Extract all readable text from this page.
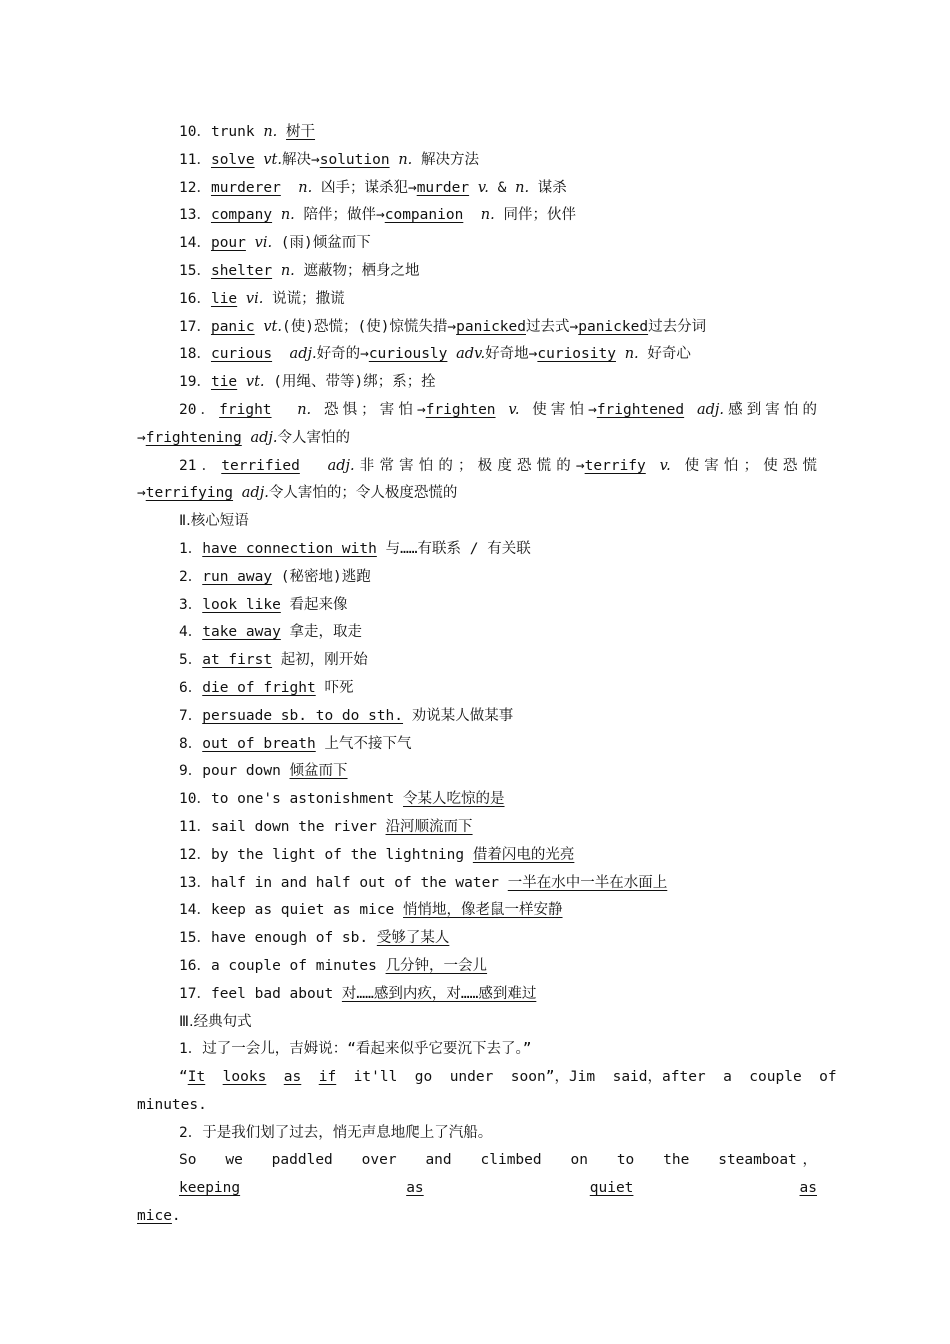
10．trunk n. 树干

11．solve vt.解决→solution n. 解决方法

12．murderer n. 凶手；谋杀犯→murder v. & n. 谋杀

13．company n. 陪伴；做伴→companion n. 同伴；伙伴

14．pour vi. (雨)倾盆而下

15．shelter n. 遮蔽物；栖身之地

16．lie vi. 说谎；撒谎

17．panic vt.(使)恐慌；(使)惊慌失措→panicked过去式→panicked过去分词

18．curious adj.好奇的→curiously adv.好奇地→curiosity n. 好奇心

19．tie vt. (用绳、带等)绑；系；拴

20．fright n. 恐惧；害怕→frighten v. 使害怕→frightened adj.感到害怕的

→frightening adj.令人害怕的

21．terrified adj.非常害怕的；极度恐慌的→terrify v. 使害怕；使恐慌

→terrifying adj.令人害怕的；令人极度恐慌的

Ⅱ.核心短语

1．have connection with 与……有联系 / 有关联

2．run away (秘密地)逃跑

3．look like 看起来像

4．take away 拿走，取走

5．at first 起初，刚开始

6．die of fright 吓死

7．persuade sb. to do sth. 劝说某人做某事

8．out of breath 上气不接下气

9．pour down 倾盆而下

10．to one's astonishment 令某人吃惊的是

11．sail down the river 沿河顺流而下

12．by the light of the lightning 借着闪电的光亮

13．half in and half out of the water 一半在水中一半在水面上

14．keep as quiet as mice 悄悄地，像老鼠一样安静

15．have enough of sb. 受够了某人

16．a couple of minutes 几分钟，一会儿

17．feel bad about 对……感到内疚，对……感到难过

Ⅲ.经典句式

1．过了一会儿，吉姆说：“看起来似乎它要沉下去了。”

“It looks as if  it'll  go  under  soon”，Jim  said，after  a  couple  of

minutes.

2．于是我们划了过去，悄无声息地爬上了汽船。

So  we  paddled  over  and  climbed  on  to  the  steamboat，keeping	as	quiet	as

mice.
